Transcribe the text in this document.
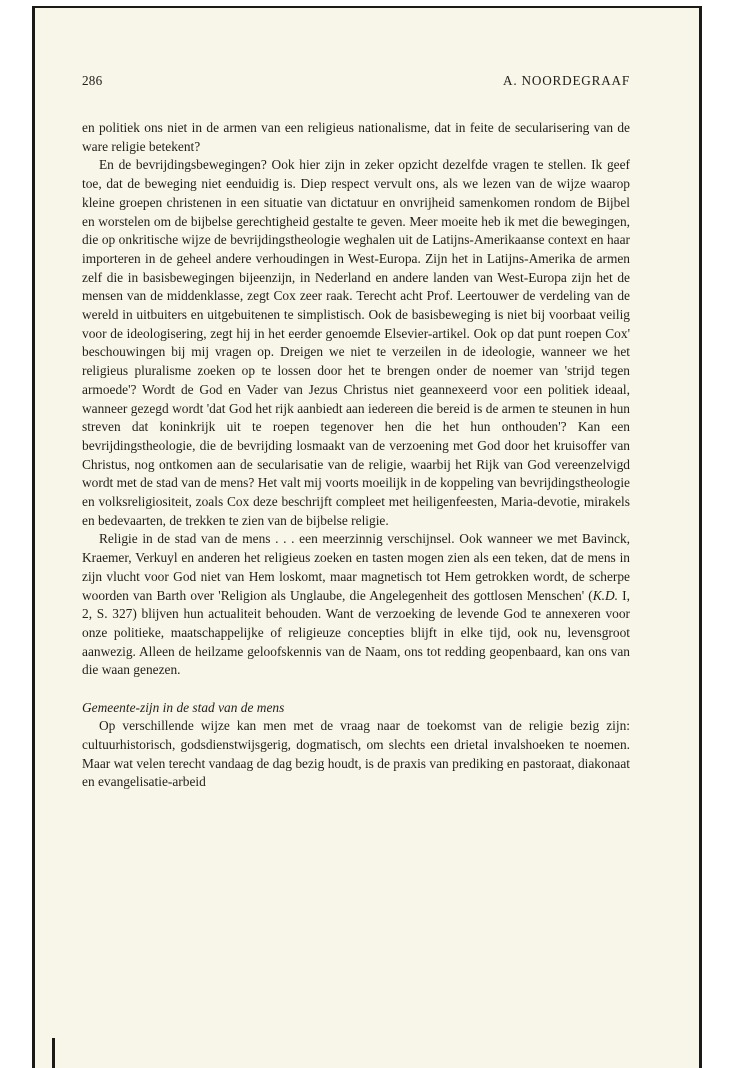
286	A. NOORDEGRAAF

en politiek ons niet in de armen van een religieus nationalisme, dat in feite de secularisering van de ware religie betekent?

En de bevrijdingsbewegingen? Ook hier zijn in zeker opzicht dezelfde vragen te stellen. Ik geef toe, dat de beweging niet eenduidig is. Diep respect vervult ons, als we lezen van de wijze waarop kleine groepen christenen in een situatie van dictatuur en onvrijheid samenkomen rondom de Bijbel en worstelen om de bijbelse gerechtigheid gestalte te geven. Meer moeite heb ik met die bewegingen, die op onkritische wijze de bevrijdingstheologie weghalen uit de Latijns-Amerikaanse context en haar importeren in de geheel andere verhoudingen in West-Europa. Zijn het in Latijns-Amerika de armen zelf die in basisbewegingen bijeenzijn, in Nederland en andere landen van West-Europa zijn het de mensen van de middenklasse, zegt Cox zeer raak. Terecht acht Prof. Leertouwer de verdeling van de wereld in uitbuiters en uitgebuitenen te simplistisch. Ook de basisbeweging is niet bij voorbaat veilig voor de ideologisering, zegt hij in het eerder genoemde Elsevier-artikel. Ook op dat punt roepen Cox' beschouwingen bij mij vragen op. Dreigen we niet te verzeilen in de ideologie, wanneer we het religieus pluralisme zoeken op te lossen door het te brengen onder de noemer van 'strijd tegen armoede'? Wordt de God en Vader van Jezus Christus niet geannexeerd voor een politiek ideaal, wanneer gezegd wordt 'dat God het rijk aanbiedt aan iedereen die bereid is de armen te steunen in hun streven dat koninkrijk uit te roepen tegenover hen die het hun onthouden'? Kan een bevrijdingstheologie, die de bevrijding losmaakt van de verzoening met God door het kruisoffer van Christus, nog ontkomen aan de secularisatie van de religie, waarbij het Rijk van God vereenzelvigd wordt met de stad van de mens? Het valt mij voorts moeilijk in de koppeling van bevrijdingstheologie en volksreligiositeit, zoals Cox deze beschrijft compleet met heiligenfeesten, Maria-devotie, mirakels en bedevaarten, de trekken te zien van de bijbelse religie.

Religie in de stad van de mens . . . een meerzinnig verschijnsel. Ook wanneer we met Bavinck, Kraemer, Verkuyl en anderen het religieus zoeken en tasten mogen zien als een teken, dat de mens in zijn vlucht voor God niet van Hem loskomt, maar magnetisch tot Hem getrokken wordt, de scherpe woorden van Barth over 'Religion als Unglaube, die Angelegenheit des gottlosen Menschen' (K.D. I, 2, S. 327) blijven hun actualiteit behouden. Want de verzoeking de levende God te annexeren voor onze politieke, maatschappelijke of religieuze concepties blijft in elke tijd, ook nu, levensgroot aanwezig. Alleen de heilzame geloofskennis van de Naam, ons tot redding geopenbaard, kan ons van die waan genezen.

Gemeente-zijn in de stad van de mens

Op verschillende wijze kan men met de vraag naar de toekomst van de religie bezig zijn: cultuurhistorisch, godsdienstwijsgerig, dogmatisch, om slechts een drietal invalshoeken te noemen. Maar wat velen terecht vandaag de dag bezig houdt, is de praxis van prediking en pastoraat, diakonaat en evangelisatie-arbeid
